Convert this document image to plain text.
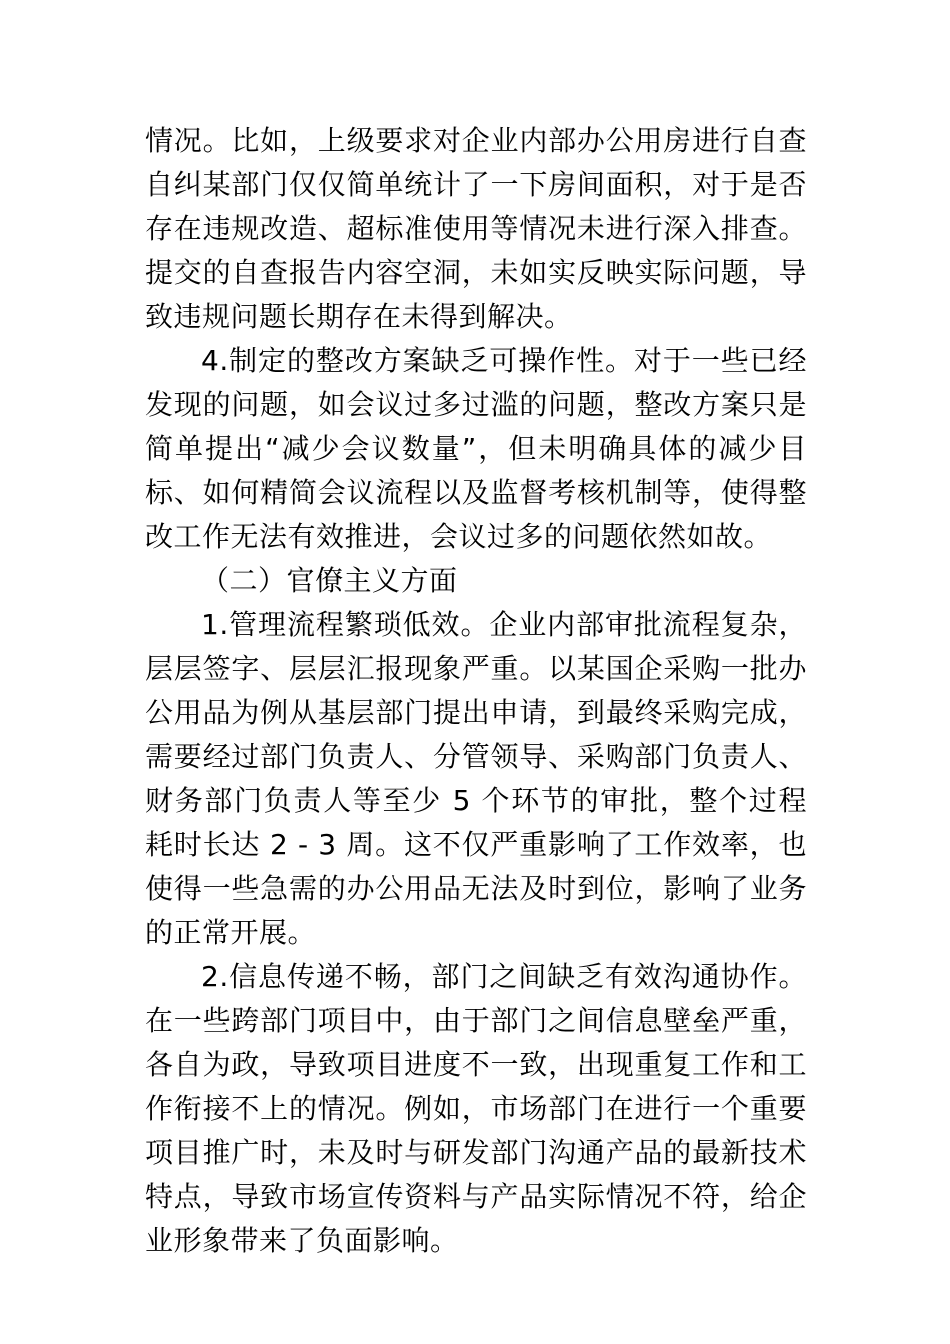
情况。比如，上级要求对企业内部办公用房进行自查自纠某部门仅仅简单统计了一下房间面积，对于是否存在违规改造、超标准使用等情况未进行深入排查。提交的自查报告内容空洞，未如实反映实际问题，导致违规问题长期存在未得到解决。

4.制定的整改方案缺乏可操作性。对于一些已经发现的问题，如会议过多过滥的问题，整改方案只是简单提出“减少会议数量”，但未明确具体的减少目标、如何精简会议流程以及监督考核机制等，使得整改工作无法有效推进，会议过多的问题依然如故。

（二）官僚主义方面

1.管理流程繁琐低效。企业内部审批流程复杂，层层签字、层层汇报现象严重。以某国企采购一批办公用品为例从基层部门提出申请，到最终采购完成，需要经过部门负责人、分管领导、采购部门负责人、财务部门负责人等至少 5 个环节的审批，整个过程耗时长达 2 - 3 周。这不仅严重影响了工作效率，也使得一些急需的办公用品无法及时到位，影响了业务的正常开展。

2.信息传递不畅，部门之间缺乏有效沟通协作。在一些跨部门项目中，由于部门之间信息壁垒严重，各自为政，导致项目进度不一致，出现重复工作和工作衔接不上的情况。例如，市场部门在进行一个重要项目推广时，未及时与研发部门沟通产品的最新技术特点，导致市场宣传资料与产品实际情况不符，给企业形象带来了负面影响。
